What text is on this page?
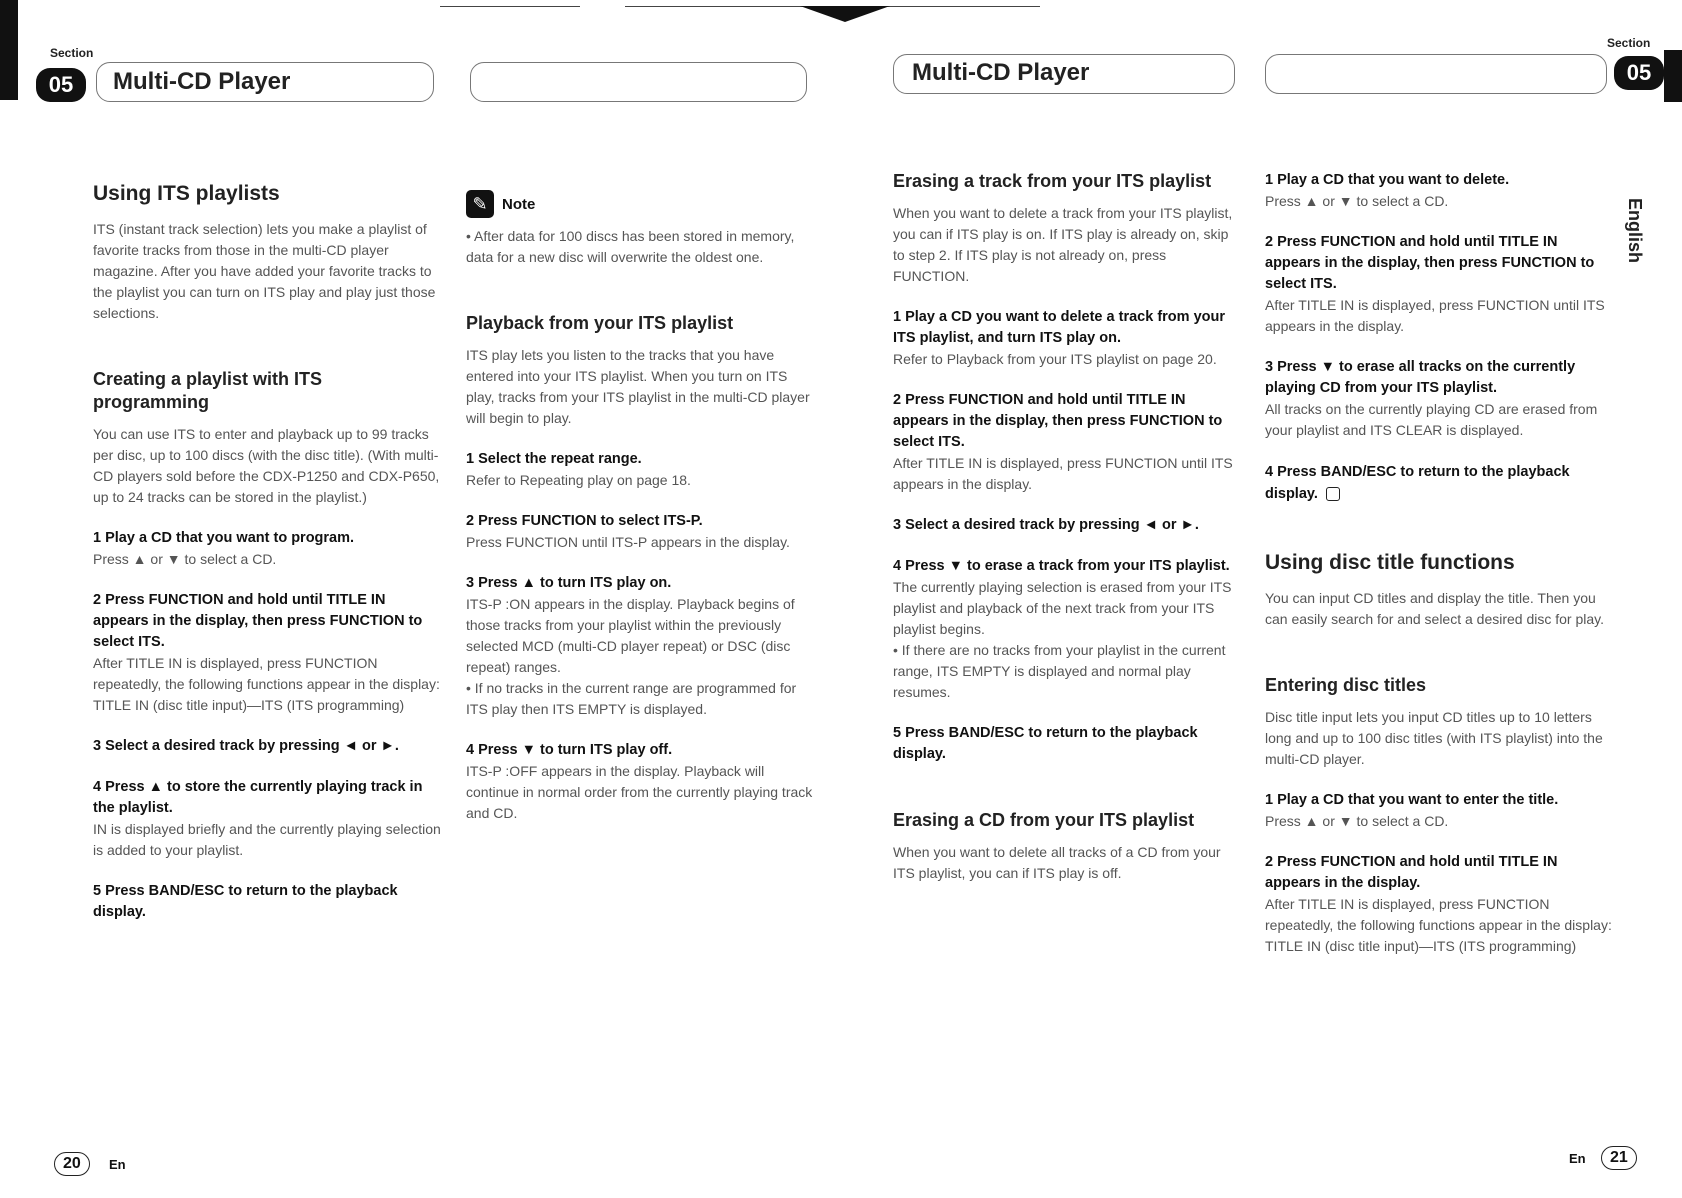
Section
05	Multi-CD Player	Multi-CD Player
Section
05
English
Using ITS playlists

ITS (instant track selection) lets you make a playlist of favorite tracks from those in the multi-CD player magazine. After you have added your favorite tracks to the playlist you can turn on ITS play and play just those selections.

Creating a playlist with ITS programming

You can use ITS to enter and playback up to 99 tracks per disc, up to 100 discs (with the disc title). (With multi-CD players sold before the CDX-P1250 and CDX-P650, up to 24 tracks can be stored in the playlist.)

1 Play a CD that you want to program.
Press ▲ or ▼ to select a CD.
2 Press FUNCTION and hold until TITLE IN appears in the display, then press FUNCTION to select ITS.
After TITLE IN is displayed, press FUNCTION repeatedly, the following functions appear in the display:
TITLE IN (disc title input)—ITS (ITS programming)
3 Select a desired track by pressing ◄ or ►.
4 Press ▲ to store the currently playing track in the playlist.
IN is displayed briefly and the currently playing selection is added to your playlist.
5 Press BAND/ESC to return to the playback display.
✎ Note

• After data for 100 discs has been stored in memory, data for a new disc will overwrite the oldest one.

Playback from your ITS playlist

ITS play lets you listen to the tracks that you have entered into your ITS playlist. When you turn on ITS play, tracks from your ITS playlist in the multi-CD player will begin to play.

1 Select the repeat range.
Refer to Repeating play on page 18.
2 Press FUNCTION to select ITS-P.
Press FUNCTION until ITS-P appears in the display.
3 Press ▲ to turn ITS play on.
ITS-P :ON appears in the display. Playback begins of those tracks from your playlist within the previously selected MCD (multi-CD player repeat) or DSC (disc repeat) ranges.
• If no tracks in the current range are programmed for ITS play then ITS EMPTY is displayed.
4 Press ▼ to turn ITS play off.
ITS-P :OFF appears in the display. Playback will continue in normal order from the currently playing track and CD.
Erasing a track from your ITS playlist

When you want to delete a track from your ITS playlist, you can if ITS play is on. If ITS play is already on, skip to step 2. If ITS play is not already on, press FUNCTION.

1 Play a CD you want to delete a track from your ITS playlist, and turn ITS play on.
Refer to Playback from your ITS playlist on page 20.
2 Press FUNCTION and hold until TITLE IN appears in the display, then press FUNCTION to select ITS.
After TITLE IN is displayed, press FUNCTION until ITS appears in the display.
3 Select a desired track by pressing ◄ or ►.
4 Press ▼ to erase a track from your ITS playlist.
The currently playing selection is erased from your ITS playlist and playback of the next track from your ITS playlist begins.
• If there are no tracks from your playlist in the current range, ITS EMPTY is displayed and normal play resumes.
5 Press BAND/ESC to return to the playback display.
Erasing a CD from your ITS playlist

When you want to delete all tracks of a CD from your ITS playlist, you can if ITS play is off.

1 Play a CD that you want to delete.
Press ▲ or ▼ to select a CD.
2 Press FUNCTION and hold until TITLE IN appears in the display, then press FUNCTION to select ITS.
After TITLE IN is displayed, press FUNCTION until ITS appears in the display.
3 Press ▼ to erase all tracks on the currently playing CD from your ITS playlist.
All tracks on the currently playing CD are erased from your playlist and ITS CLEAR is displayed.
4 Press BAND/ESC to return to the playback display.
Using disc title functions

You can input CD titles and display the title. Then you can easily search for and select a desired disc for play.

Entering disc titles

Disc title input lets you input CD titles up to 10 letters long and up to 100 disc titles (with ITS playlist) into the multi-CD player.

1 Play a CD that you want to enter the title.
Press ▲ or ▼ to select a CD.
2 Press FUNCTION and hold until TITLE IN appears in the display.
After TITLE IN is displayed, press FUNCTION repeatedly, the following functions appear in the display:
TITLE IN (disc title input)—ITS (ITS programming)
20	En	En	21
